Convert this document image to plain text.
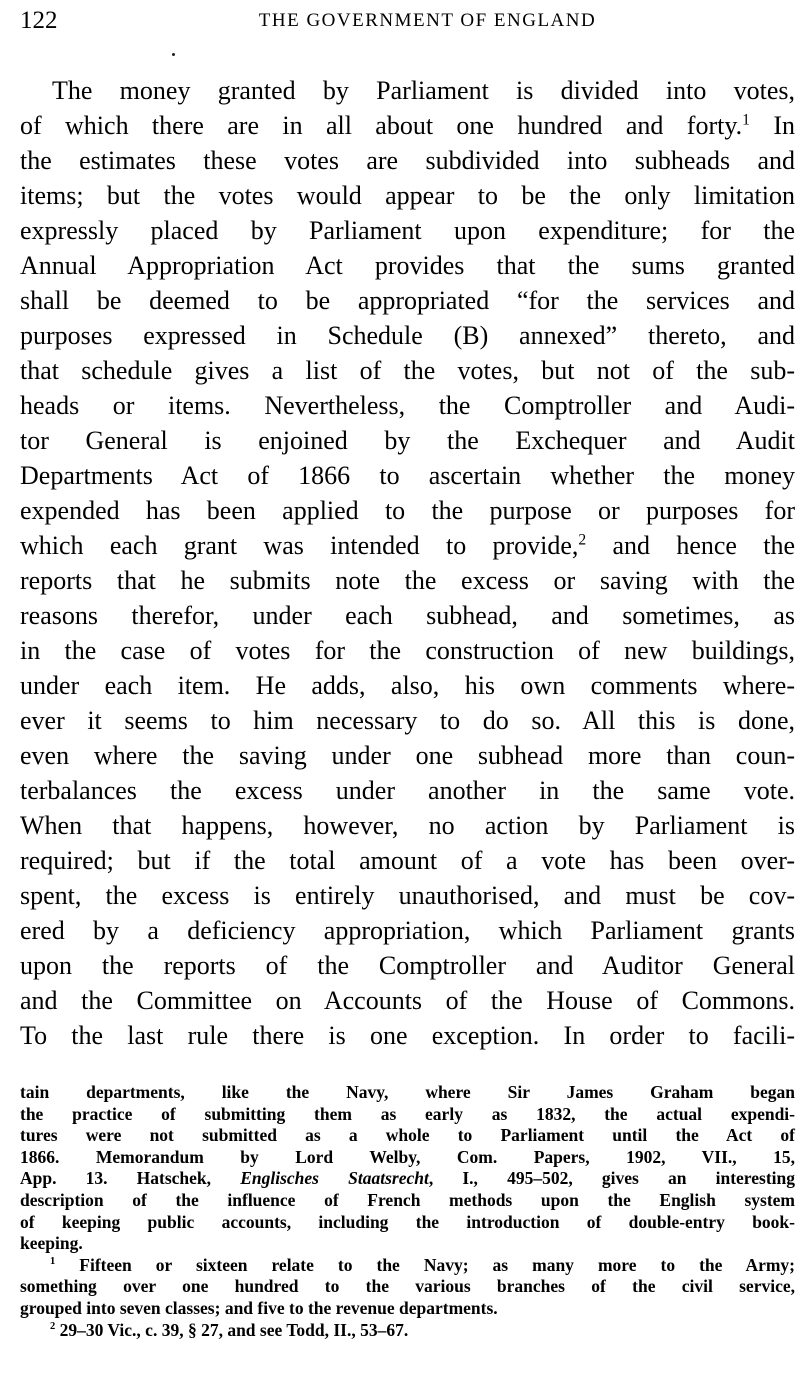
122	THE GOVERNMENT OF ENGLAND
The money granted by Parliament is divided into votes,
of which there are in all about one hundred and forty.$^1$ In
the estimates these votes are subdivided into subheads and
items; but the votes would appear to be the only limitation
expressly placed by Parliament upon expenditure; for the
Annual Appropriation Act provides that the sums granted
shall be deemed to be appropriated “for the services and
purposes expressed in Schedule (B) annexed” thereto, and
that schedule gives a list of the votes, but not of the sub-
heads or items. Nevertheless, the Comptroller and Audi-
tor General is enjoined by the Exchequer and Audit
Departments Act of 1866 to ascertain whether the money
expended has been applied to the purpose or purposes for
which each grant was intended to provide,$^2$ and hence the
reports that he submits note the excess or saving with the
reasons therefor, under each subhead, and sometimes, as
in the case of votes for the construction of new buildings,
under each item. He adds, also, his own comments where-
ever it seems to him necessary to do so. All this is done,
even where the saving under one subhead more than coun-
terbalances the excess under another in the same vote.
When that happens, however, no action by Parliament is
required; but if the total amount of a vote has been over-
spent, the excess is entirely unauthorised, and must be cov-
ered by a deficiency appropriation, which Parliament grants
upon the reports of the Comptroller and Auditor General
and the Committee on Accounts of the House of Commons.
To the last rule there is one exception. In order to facili-
tain departments, like the Navy, where Sir James Graham began
the practice of submitting them as early as 1832, the actual expendi-
tures were not submitted as a whole to Parliament until the Act of
1866. Memorandum by Lord Welby, Com. Papers, 1902, VII., 15,
App. 13. Hatschek, Englisches Staatsrecht, I., 495–502, gives an interesting
description of the influence of French methods upon the English system
of keeping public accounts, including the introduction of double-entry book-
keeping.
$^1$ Fifteen or sixteen relate to the Navy; as many more to the Army;
something over one hundred to the various branches of the civil service,
grouped into seven classes; and five to the revenue departments.
$^2$ 29–30 Vic., c. 39, § 27, and see Todd, II., 53–67.
